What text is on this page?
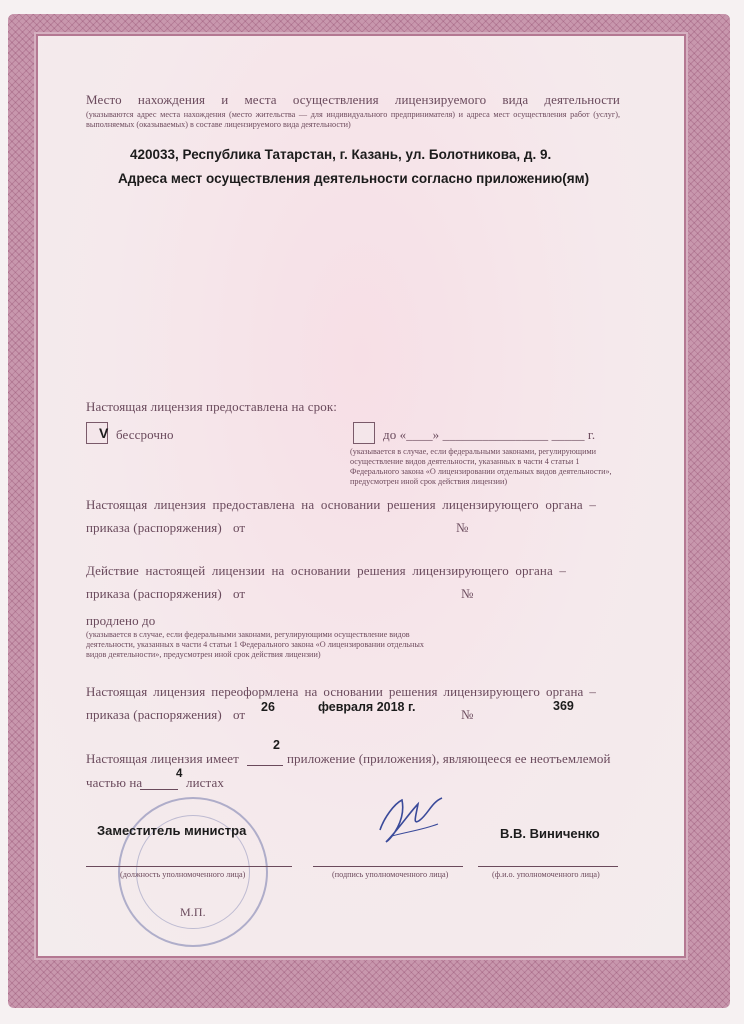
Место нахождения и места осуществления лицензируемого вида деятельности
(указываются адрес места нахождения (место жительства — для индивидуального предпринимателя) и адреса мест осуществления работ (услуг), выполняемых (оказываемых) в составе лицензируемого вида деятельности)
420033, Республика Татарстан, г. Казань, ул. Болотникова, д. 9.
Адреса мест осуществления деятельности согласно приложению(ям)
Настоящая лицензия предоставлена на срок:
V бессрочно	до «____» ________________ _____ г.
(указывается в случае, если федеральными законами, регулирующими осуществление видов деятельности, указанных в части 4 статьи 1 Федерального закона «О лицензировании отдельных видов деятельности», предусмотрен иной срок действия лицензии)
Настоящая лицензия предоставлена на основании решения лицензирующего органа –
приказа (распоряжения) от	№
Действие настоящей лицензии на основании решения лицензирующего органа –
приказа (распоряжения) от	№
продлено до
(указывается в случае, если федеральными законами, регулирующими осуществление видов деятельности, указанных в части 4 статьи 1 Федерального закона «О лицензировании отдельных видов деятельности», предусмотрен иной срок действия лицензии)
Настоящая лицензия переоформлена на основании решения лицензирующего органа –
приказа (распоряжения) от 26	февраля 2018 г.	№
369
Настоящая лицензия имеет
2
приложение (приложения), являющееся ее неотъемлемой
частью на
4
листах
Заместитель министра	В.В. Виниченко
(должность уполномоченного лица)	(подпись уполномоченного лица)	(ф.и.о. уполномоченного лица)
М.П.
